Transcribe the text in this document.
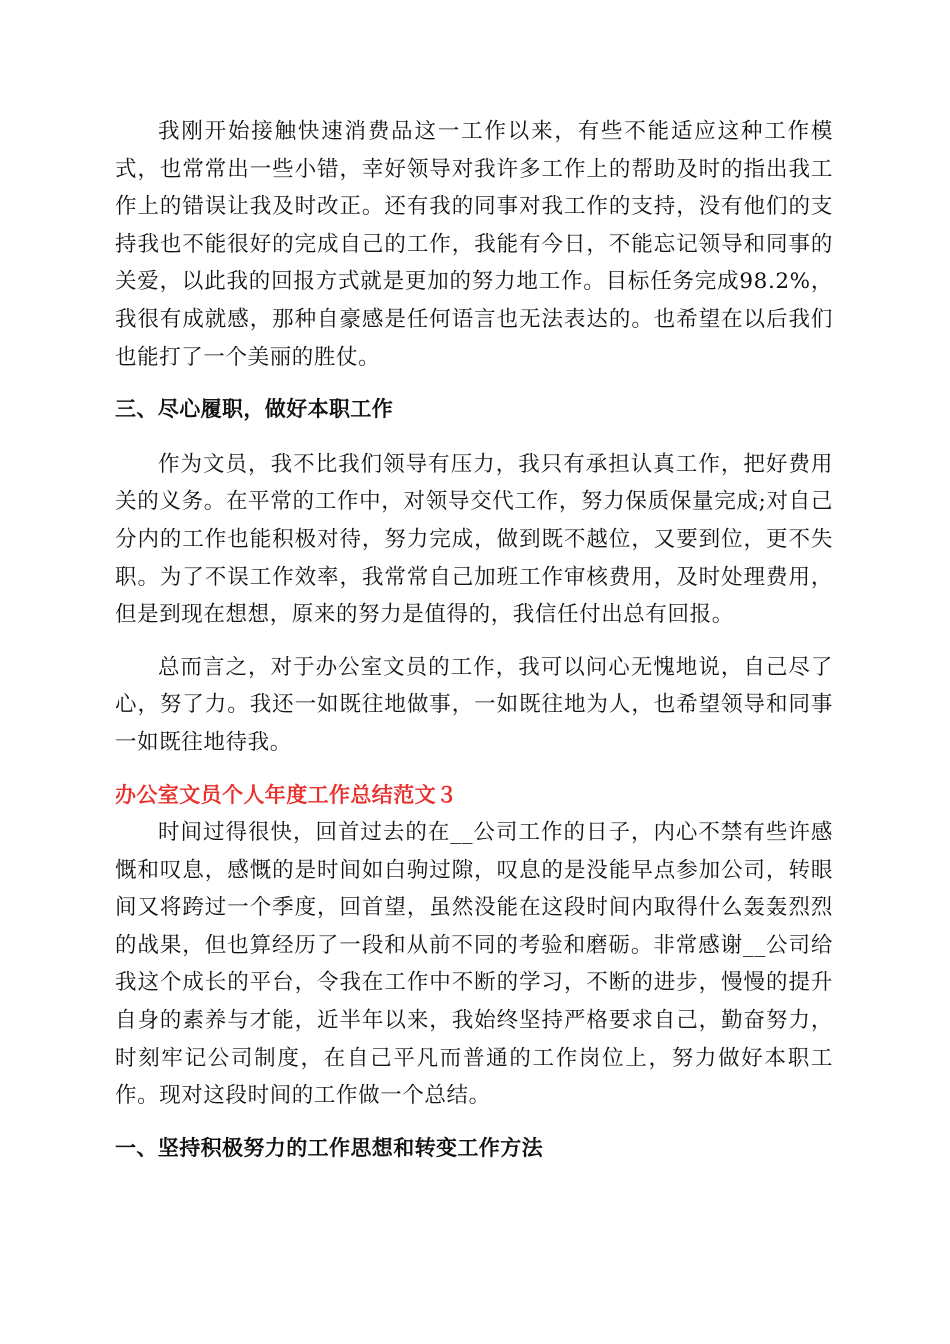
我刚开始接触快速消费品这一工作以来，有些不能适应这种工作模式，也常常出一些小错，幸好领导对我许多工作上的帮助及时的指出我工作上的错误让我及时改正。还有我的同事对我工作的支持，没有他们的支持我也不能很好的完成自己的工作，我能有今日，不能忘记领导和同事的关爱，以此我的回报方式就是更加的努力地工作。目标任务完成98.2%，我很有成就感，那种自豪感是任何语言也无法表达的。也希望在以后我们也能打了一个美丽的胜仗。

三、尽心履职，做好本职工作

作为文员，我不比我们领导有压力，我只有承担认真工作，把好费用关的义务。在平常的工作中，对领导交代工作，努力保质保量完成;对自己分内的工作也能积极对待，努力完成，做到既不越位，又要到位，更不失职。为了不误工作效率，我常常自己加班工作审核费用，及时处理费用，但是到现在想想，原来的努力是值得的，我信任付出总有回报。

总而言之，对于办公室文员的工作，我可以问心无愧地说，自己尽了心，努了力。我还一如既往地做事，一如既往地为人，也希望领导和同事一如既往地待我。

办公室文员个人年度工作总结范文３

时间过得很快，回首过去的在__公司工作的日子，内心不禁有些许感慨和叹息，感慨的是时间如白驹过隙，叹息的是没能早点参加公司，转眼间又将跨过一个季度，回首望，虽然没能在这段时间内取得什么轰轰烈烈的战果，但也算经历了一段和从前不同的考验和磨砺。非常感谢__公司给我这个成长的平台，令我在工作中不断的学习，不断的进步，慢慢的提升自身的素养与才能，近半年以来，我始终坚持严格要求自己，勤奋努力，时刻牢记公司制度，在自己平凡而普通的工作岗位上，努力做好本职工作。现对这段时间的工作做一个总结。

一、坚持积极努力的工作思想和转变工作方法
